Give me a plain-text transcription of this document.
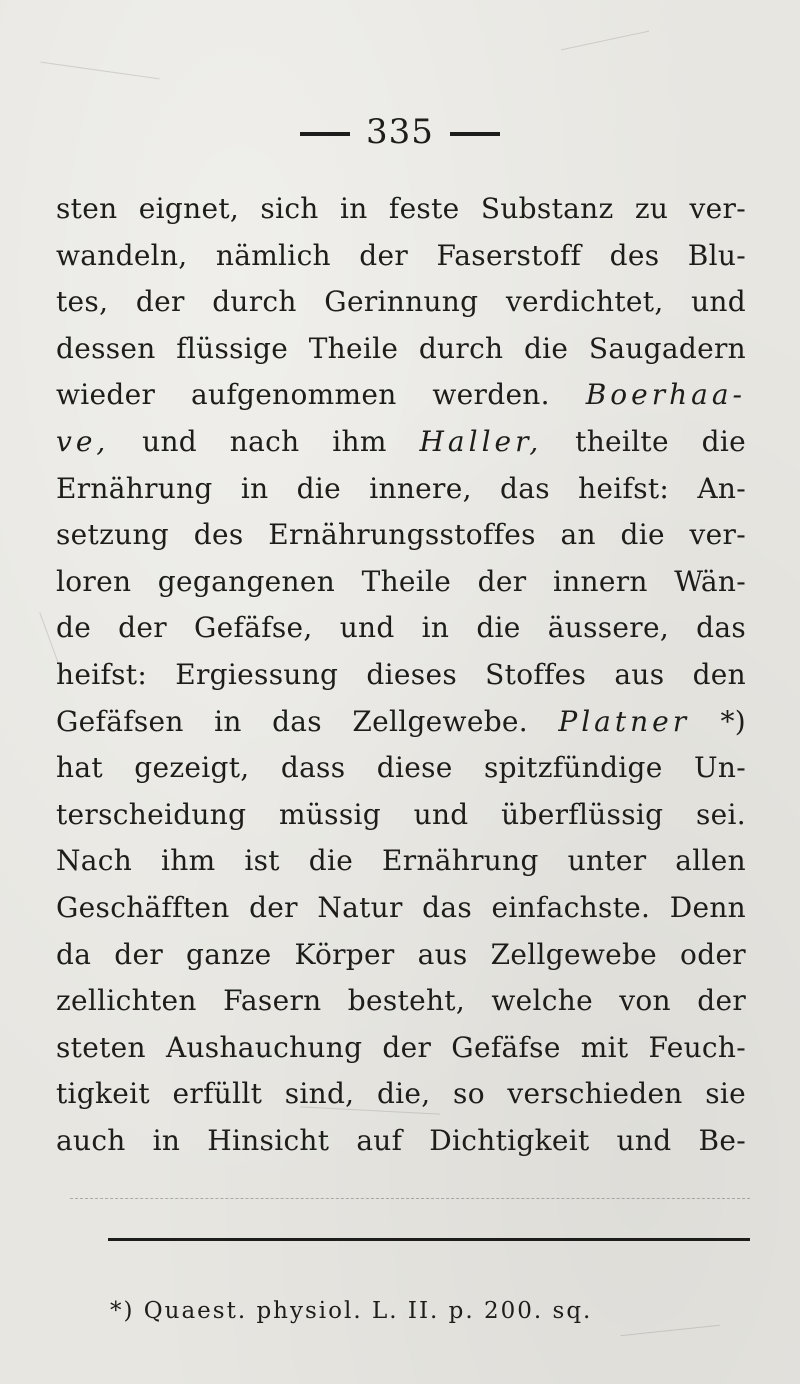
335
sten eignet, sich in feste Substanz zu ver-
wandeln, nämlich der Faserstoff des Blu-
tes, der durch Gerinnung verdichtet, und
dessen flüssige Theile durch die Saugadern
wieder aufgenommen werden. Boerhaa-
ve, und nach ihm Haller, theilte die
Ernährung in die innere, das heifst: An-
setzung des Ernährungsstoffes an die ver-
loren gegangenen Theile der innern Wän-
de der Gefäfse, und in die äussere, das
heifst: Ergiessung dieses Stoffes aus den
Gefäfsen in das Zellgewebe. Platner *)
hat gezeigt, dass diese spitzfündige Un-
terscheidung müssig und überflüssig sei.
Nach ihm ist die Ernährung unter allen
Geschäfften der Natur das einfachste. Denn
da der ganze Körper aus Zellgewebe oder
zellichten Fasern besteht, welche von der
steten Aushauchung der Gefäfse mit Feuch-
tigkeit erfüllt sind, die, so verschieden sie
auch in Hinsicht auf Dichtigkeit und Be-
*) Quaest. physiol. L. II. p. 200. sq.
